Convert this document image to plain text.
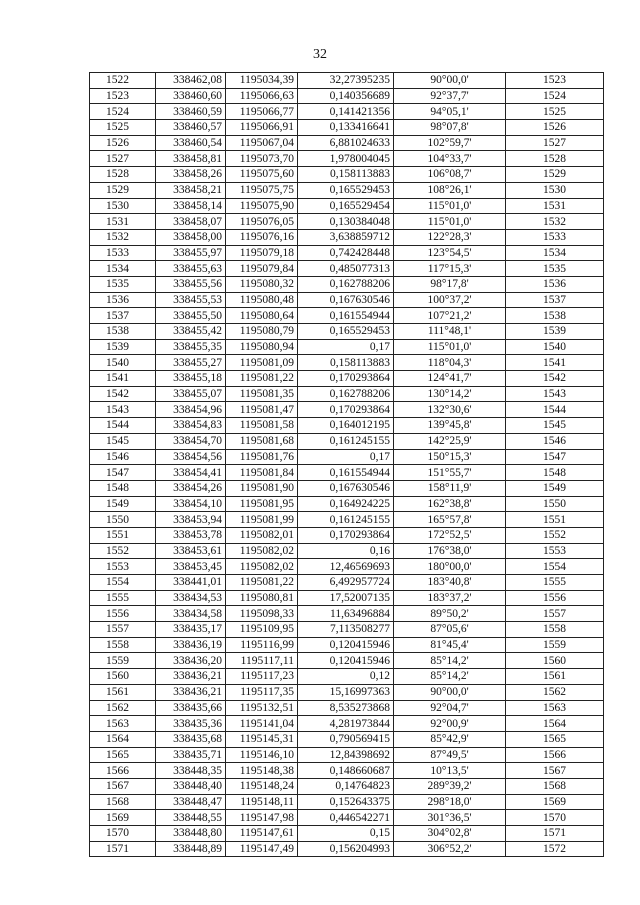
32
1522	338462,08	1195034,39	32,27395235	90°00,0'	1523
1523	338460,60	1195066,63	0,140356689	92°37,7'	1524
1524	338460,59	1195066,77	0,141421356	94°05,1'	1525
1525	338460,57	1195066,91	0,133416641	98°07,8'	1526
1526	338460,54	1195067,04	6,881024633	102°59,7'	1527
1527	338458,81	1195073,70	1,978004045	104°33,7'	1528
1528	338458,26	1195075,60	0,158113883	106°08,7'	1529
1529	338458,21	1195075,75	0,165529453	108°26,1'	1530
1530	338458,14	1195075,90	0,165529454	115°01,0'	1531
1531	338458,07	1195076,05	0,130384048	115°01,0'	1532
1532	338458,00	1195076,16	3,638859712	122°28,3'	1533
1533	338455,97	1195079,18	0,742428448	123°54,5'	1534
1534	338455,63	1195079,84	0,485077313	117°15,3'	1535
1535	338455,56	1195080,32	0,162788206	98°17,8'	1536
1536	338455,53	1195080,48	0,167630546	100°37,2'	1537
1537	338455,50	1195080,64	0,161554944	107°21,2'	1538
1538	338455,42	1195080,79	0,165529453	111°48,1'	1539
1539	338455,35	1195080,94	0,17	115°01,0'	1540
1540	338455,27	1195081,09	0,158113883	118°04,3'	1541
1541	338455,18	1195081,22	0,170293864	124°41,7'	1542
1542	338455,07	1195081,35	0,162788206	130°14,2'	1543
1543	338454,96	1195081,47	0,170293864	132°30,6'	1544
1544	338454,83	1195081,58	0,164012195	139°45,8'	1545
1545	338454,70	1195081,68	0,161245155	142°25,9'	1546
1546	338454,56	1195081,76	0,17	150°15,3'	1547
1547	338454,41	1195081,84	0,161554944	151°55,7'	1548
1548	338454,26	1195081,90	0,167630546	158°11,9'	1549
1549	338454,10	1195081,95	0,164924225	162°38,8'	1550
1550	338453,94	1195081,99	0,161245155	165°57,8'	1551
1551	338453,78	1195082,01	0,170293864	172°52,5'	1552
1552	338453,61	1195082,02	0,16	176°38,0'	1553
1553	338453,45	1195082,02	12,46569693	180°00,0'	1554
1554	338441,01	1195081,22	6,492957724	183°40,8'	1555
1555	338434,53	1195080,81	17,52007135	183°37,2'	1556
1556	338434,58	1195098,33	11,63496884	89°50,2'	1557
1557	338435,17	1195109,95	7,113508277	87°05,6'	1558
1558	338436,19	1195116,99	0,120415946	81°45,4'	1559
1559	338436,20	1195117,11	0,120415946	85°14,2'	1560
1560	338436,21	1195117,23	0,12	85°14,2'	1561
1561	338436,21	1195117,35	15,16997363	90°00,0'	1562
1562	338435,66	1195132,51	8,535273868	92°04,7'	1563
1563	338435,36	1195141,04	4,281973844	92°00,9'	1564
1564	338435,68	1195145,31	0,790569415	85°42,9'	1565
1565	338435,71	1195146,10	12,84398692	87°49,5'	1566
1566	338448,35	1195148,38	0,148660687	10°13,5'	1567
1567	338448,40	1195148,24	0,14764823	289°39,2'	1568
1568	338448,47	1195148,11	0,152643375	298°18,0'	1569
1569	338448,55	1195147,98	0,446542271	301°36,5'	1570
1570	338448,80	1195147,61	0,15	304°02,8'	1571
1571	338448,89	1195147,49	0,156204993	306°52,2'	1572
